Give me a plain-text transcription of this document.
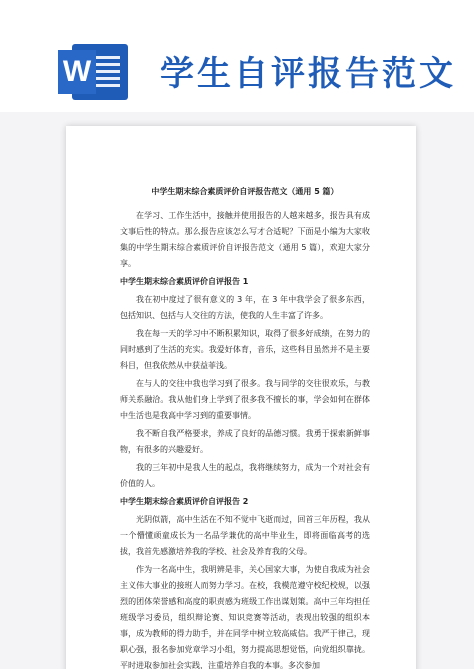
W 学生自评报告范文
中学生期末综合素质评价自评报告范文（通用 5 篇）

在学习、工作生活中，接触并使用报告的人越来越多，报告具有成文事后性的特点。那么报告应该怎么写才合适呢？下面是小编为大家收集的中学生期末综合素质评价自评报告范文（通用 5 篇），欢迎大家分享。

中学生期末综合素质评价自评报告 1

我在初中度过了很有意义的 3 年，在 3 年中我学会了很多东西，包括知识、包括与人交往的方法，使我的人生丰富了许多。

我在每一天的学习中不断积累知识，取得了很多好成绩，在努力的同时感到了生活的充实。我爱好体育，音乐，这些科目虽然并不是主要科目，但我依然从中获益菲浅。

在与人的交往中我也学习到了很多。我与同学的交往很欢乐，与教师关系融洽。我从他们身上学到了很多我不擅长的事，学会如何在群体中生活也是我高中学习到的重要事情。

我不断自我严格要求，养成了良好的品德习惯。我勇于探索新鲜事物，有很多的兴趣爱好。

我的三年初中是我人生的起点，我将继续努力，成为一个对社会有价值的人。

中学生期末综合素质评价自评报告 2

光阴似箭，高中生活在不知不觉中飞逝而过，回首三年历程，我从一个懵懂顽童成长为一名品学兼优的高中毕业生，即将面临高考的选拔，我首先感激培养我的学校、社会及养育我的父母。

作为一名高中生，我明辨是非，关心国家大事，为使自我成为社会主义伟大事业的接班人而努力学习。在校，我模范遵守校纪校规，以强烈的团体荣誉感和高度的职责感为班级工作出谋划策。高中三年均担任班级学习委员，组织辩论赛、知识竞赛等活动，表现出较强的组织本事，成为教师的得力助手，并在同学中树立较高威信。我严于律己，现职心强，报名参加党章学习小组，努力提高思想觉悟，向党组织靠拢。平时进取参加社会实践，注重培养自我的本事。多次参加
